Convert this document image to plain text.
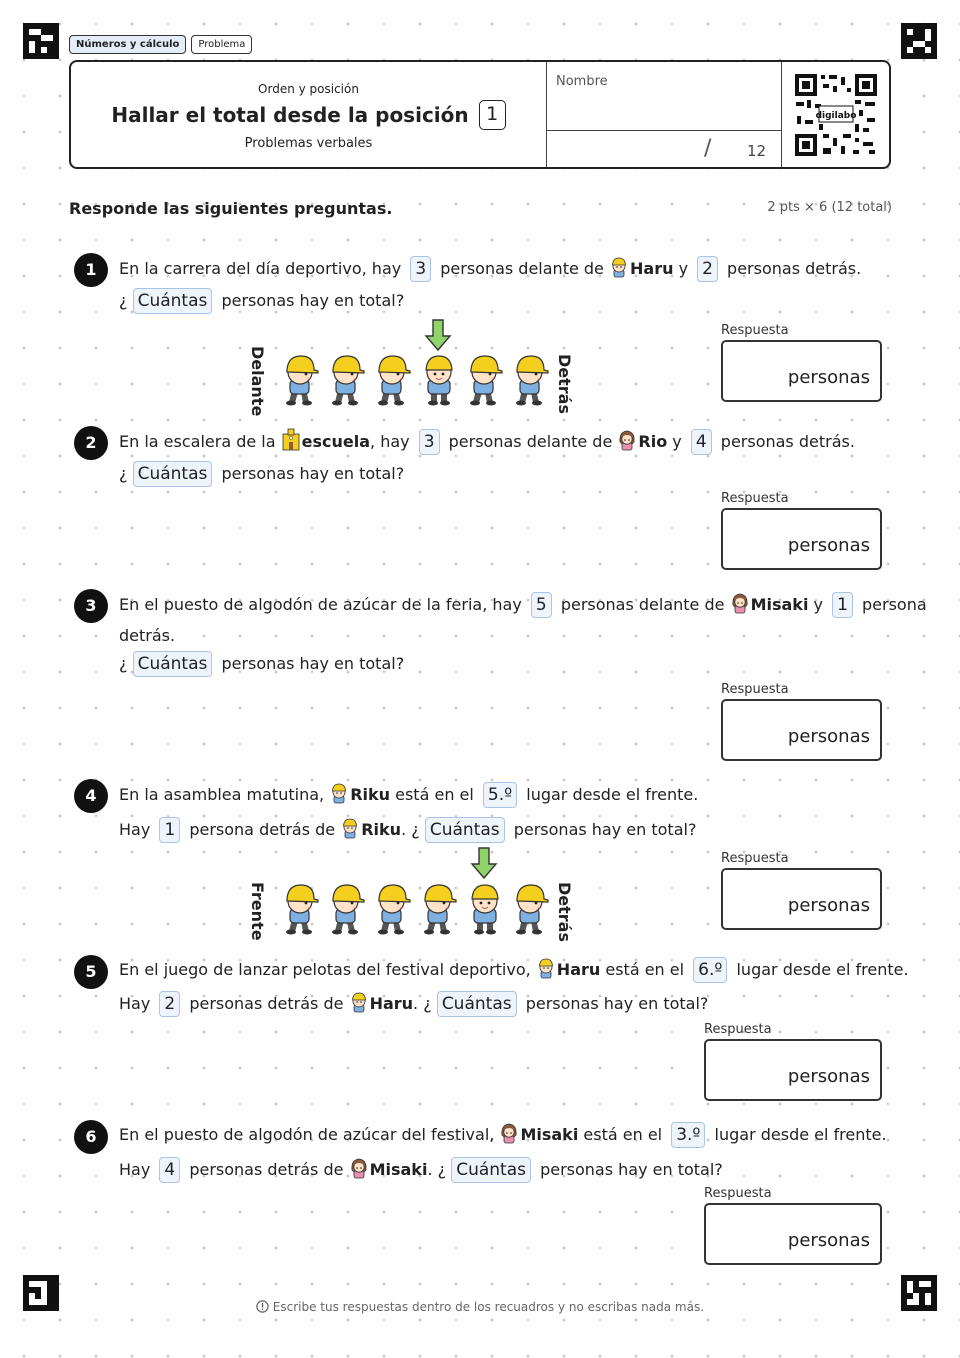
Números y cálculo	Problema
Orden y posición
Hallar el total desde la posición 1
Problemas verbales
Nombre
/ 12
digilabo
Responde las siguientes preguntas.	2 pts × 6 (12 total)
1	En la carrera del día deportivo, hay 3 personas delante de Haru y 2 personas detrás.
¿ Cuántas personas hay en total?
Delante	Detrás
Respuesta
personas
2	En la escalera de la escuela, hay 3 personas delante de Rio y 4 personas detrás.
¿ Cuántas personas hay en total?
Respuesta
personas
3	En el puesto de algodón de azúcar de la feria, hay 5 personas delante de Misaki y 1 persona
detrás.
¿ Cuántas personas hay en total?
Respuesta
personas
4	En la asamblea matutina, Riku está en el 5.º lugar desde el frente.
Hay 1 persona detrás de Riku. ¿ Cuántas personas hay en total?
Frente	Detrás
Respuesta
personas
5	En el juego de lanzar pelotas del festival deportivo, Haru está en el 6.º lugar desde el frente.
Hay 2 personas detrás de Haru. ¿ Cuántas personas hay en total?
Respuesta
personas
6	En el puesto de algodón de azúcar del festival, Misaki está en el 3.º lugar desde el frente.
Hay 4 personas detrás de Misaki. ¿ Cuántas personas hay en total?
Respuesta
personas
Escribe tus respuestas dentro de los recuadros y no escribas nada más.
